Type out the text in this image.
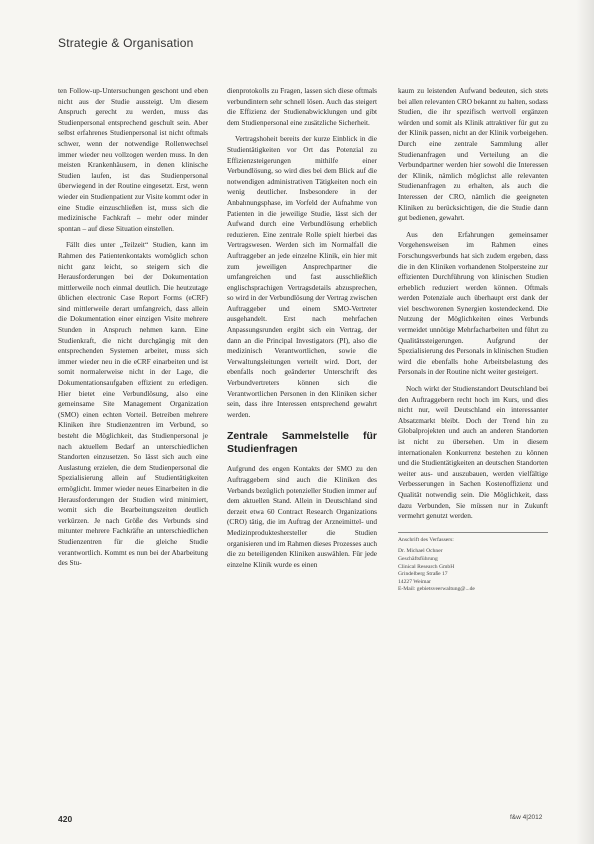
Strategie & Organisation

ten Follow-up-Untersuchungen geschont und eben nicht aus der Studie aussteigt. Um diesem Anspruch gerecht zu werden, muss das Studienpersonal entsprechend geschult sein. Aber selbst erfahrenes Studienpersonal ist nicht oftmals schwer, wenn der notwendige Rollenwechsel immer wieder neu vollzogen werden muss. In den meisten Krankenhäusern, in denen klinische Studien laufen, ist das Studienpersonal überwiegend in der Routine eingesetzt. Erst, wenn wieder ein Studienpatient zur Visite kommt oder in eine Studie einzuschließen ist, muss sich die medizinische Fachkraft – mehr oder minder spontan – auf diese Situation einstellen.

Fällt dies unter „Teilzeit“ Studien, kann im Rahmen des Patientenkontakts womöglich schon nicht ganz leicht, so steigern sich die Herausforderungen bei der Dokumentation mittlerweile noch einmal deutlich. Die heutzutage üblichen electronic Case Report Forms (eCRF) sind mittlerweile derart umfangreich, dass allein die Dokumentation einer einzigen Visite mehrere Stunden in Anspruch nehmen kann. Eine Studienkraft, die nicht durchgängig mit den entsprechenden Systemen arbeitet, muss sich immer wieder neu in die eCRF einarbeiten und ist somit normalerweise nicht in der Lage, die Dokumentationsaufgaben effizient zu erledigen. Hier bietet eine Verbundlösung, also eine gemeinsame Site Management Organization (SMO) einen echten Vorteil. Betreiben mehrere Kliniken ihre Studienzentren im Verbund, so besteht die Möglichkeit, das Studienpersonal je nach aktuellem Bedarf an unterschiedlichen Standorten einzusetzen. So lässt sich auch eine Auslastung erzielen, die dem Studienpersonal die Spezialisierung allein auf Studientätigkeiten ermöglicht. Immer wieder neues Einarbeiten in die Herausforderungen der Studien wird minimiert, womit sich die Bearbeitungszeiten deutlich verkürzen. Je nach Größe des Verbunds sind mitunter mehrere Fachkräfte an unterschiedlichen Studienzentren für die gleiche Studie verantwortlich. Kommt es nun bei der Abarbeitung des Stu-

dienprotokolls zu Fragen, lassen sich diese oftmals verbundintern sehr schnell lösen. Auch das steigert die Effizienz der Studienabwicklungen und gibt dem Studienpersonal eine zusätzliche Sicherheit.

Vertragshoheit bereits der kurze Einblick in die Studientätigkeiten vor Ort das Potenzial zu Effizienzsteigerungen mithilfe einer Verbundlösung, so wird dies bei dem Blick auf die notwendigen administrativen Tätigkeiten noch ein wenig deutlicher. Insbesondere in der Anbahnungsphase, im Vorfeld der Aufnahme von Patienten in die jeweilige Studie, lässt sich der Aufwand durch eine Verbundlösung erheblich reduzieren. Eine zentrale Rolle spielt hierbei das Vertragswesen. Werden sich im Normalfall die Auftraggeber an jede einzelne Klinik, ein hier mit zum jeweiligen Ansprechpartner die umfangreichen und fast ausschließlich englischsprachigen Vertragsdetails abzusprechen, so wird in der Verbundlösung der Vertrag zwischen Auftraggeber und einem SMO-Vertreter ausgehandelt. Erst nach mehrfachen Anpassungsrunden ergibt sich ein Vertrag, der dann an die Principal Investigators (PI), also die medizinisch Verantwortlichen, sowie die Verwaltungsleitungen verteilt wird. Dort, der ebenfalls noch geänderter Unterschrift des Verbundvertreters können sich die Verantwortlichen Personen in den Kliniken sicher sein, dass ihre Interessen entsprechend gewahrt werden.

Zentrale Sammelstelle für Studienfragen

Aufgrund des engen Kontakts der SMO zu den Auftraggebern sind auch die Kliniken des Verbands bezüglich potenzieller Studien immer auf dem aktuellen Stand. Allein in Deutschland sind derzeit etwa 60 Contract Research Organizations (CRO) tätig, die im Auftrag der Arzneimittel- und Medizinprodukteshersteller die Studien organisieren und im Rahmen dieses Prozesses auch die zu beteiligenden Kliniken auswählen. Für jede einzelne Klinik wurde es einen

kaum zu leistenden Aufwand bedeuten, sich stets bei allen relevanten CRO bekannt zu halten, sodass Studien, die ihr spezifisch wertvoll ergänzen würden und somit als Klinik attraktiver für gut zu der Klinik passen, nicht an der Klinik vorbeigehen. Durch eine zentrale Sammlung aller Studienanfragen und Verteilung an die Verbundpartner werden hier sowohl die Interessen der Klinik, nämlich möglichst alle relevanten Studienanfragen zu erhalten, als auch die Interessen der CRO, nämlich die geeigneten Kliniken zu berücksichtigen, die die Studie dann gut bedienen, gewahrt.

Aus den Erfahrungen gemeinsamer Vorgehensweisen im Rahmen eines Forschungsverbunds hat sich zudem ergeben, dass die in den Kliniken vorhandenen Stolpersteine zur effizienten Durchführung von klinischen Studien erheblich reduziert werden können. Oftmals werden Potenziale auch überhaupt erst dank der viel beschworenen Synergien kostendeckend. Die Nutzung der Möglichkeiten eines Verbunds vermeidet unnötige Mehrfacharbeiten und führt zu Qualitätssteigerungen. Aufgrund der Spezialisierung des Personals in klinischen Studien wird die ebenfalls hohe Arbeitsbelastung des Personals in der Routine nicht weiter gesteigert.

Noch wirkt der Studienstandort Deutschland bei den Auftraggebern recht hoch im Kurs, und dies nicht nur, weil Deutschland ein interessanter Absatzmarkt bleibt. Doch der Trend hin zu Globalprojekten und auch an anderen Standorten ist nicht zu übersehen. Um in diesem internationalen Konkurrenz bestehen zu können und die Studientätigkeiten an deutschen Standorten weiter aus- und auszubauen, werden vielfältige Verbesserungen in Sachen Kostenoffizienz und Qualität notwendig sein. Die Möglichkeit, dass dazu Verbunden, Sie müssen nur in Zukunft vermehrt genutzt werden.

Anschrift des Verfassers:
Dr. Michael Ochner
Geschäftsführung
Clinical Research GmbH
Grindelberg Straße 17
14227 Weimar
E-Mail: gebietsveerwaltung@...de
420	f&w 4|2012
